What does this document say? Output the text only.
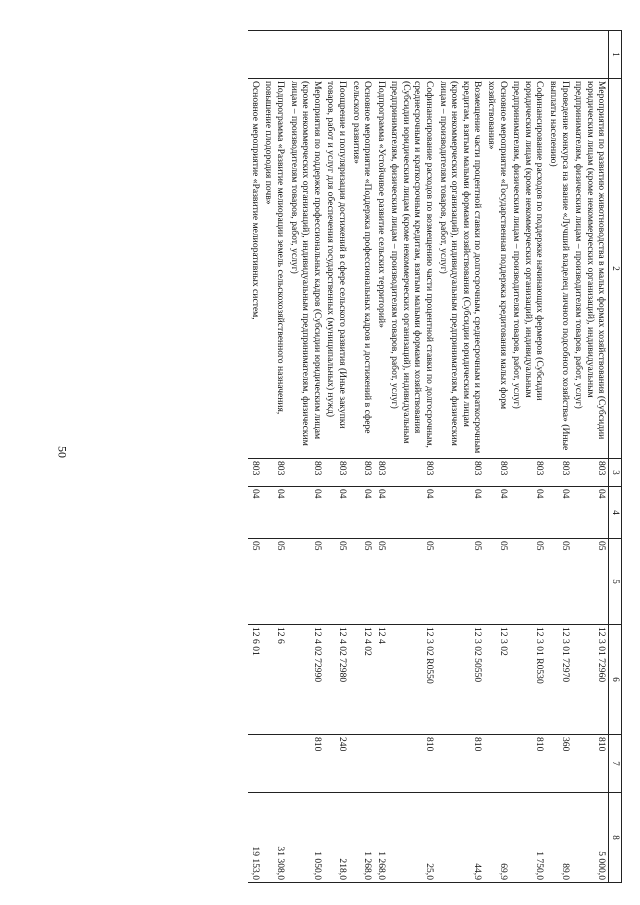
50
1	2	3	4	5	6	7	8
	Мероприятия по развитию животноводства в малых формах хозяйствования (Субсидии юридическим лицам (кроме некоммерческих организаций), индивидуальным предпринимателям, физическим лицам – производителям товаров, работ, услуг)	803	04	05	12 3 01 72960	810	5 000,0
	Проведение конкурса на звание «Лучший владелец личного подсобного хозяйства» (Иные выплаты населению)	803	04	05	12 3 01 72970	360	89,0
	Софинансирование расходов по поддержке начинающих фермеров (Субсидии юридическим лицам (кроме некоммерческих организаций), индивидуальным предпринимателям, физическим лицам – производителям товаров, работ, услуг)	803	04	05	12 3 01 R0530	810	1 750,0
	Основное мероприятие «Государственная поддержка кредитования малых форм хозяйствования»	803	04	05	12 3 02		69,9
	Возмещение части процентной ставки по долгосрочным, среднесрочным и краткосрочным кредитам, взятым малыми формами хозяйствования (Субсидии юридическим лицам (кроме некоммерческих организаций), индивидуальным предпринимателям, физическим лицам – производителям товаров, работ, услуг)	803	04	05	12 3 02 50550	810	44,9
	Софинансирование расходов по возмещению части процентной ставки по долгосрочным, среднесрочным и краткосрочным кредитам, взятым малыми формами хозяйствования (Субсидии юридическим лицам (кроме некоммерческих организаций), индивидуальным предпринимателям, физическим лицам – производителям товаров, работ, услуг)	803	04	05	12 3 02 R0550	810	25,0
	Подпрограмма «Устойчивое развитие сельских территорий»	803	04	05	12 4		1 268,0
	Основное мероприятие «Поддержка профессиональных кадров и достижений в сфере сельского развития»	803	04	05	12 4 02		1 268,0
	Поощрение и популяризация достижений в сфере сельского развития (Иные закупки товаров, работ и услуг для обеспечения государственных (муниципальных) нужд)	803	04	05	12 4 02 72980	240	218,0
	Мероприятия по поддержке профессиональных кадров (Субсидии юридическим лицам (кроме некоммерческих организаций), индивидуальным предпринимателям, физическим лицам – производителям товаров, работ, услуг)	803	04	05	12 4 02 72990	810	1 050,0
	Подпрограмма «Развитие мелиорации земель сельскохозяйственного назначения, повышение плодородия почв»	803	04	05	12 6		31 308,0
	Основное мероприятие «Развитие мелиоративных систем,	803	04	05	12 6 01		19 153,0
